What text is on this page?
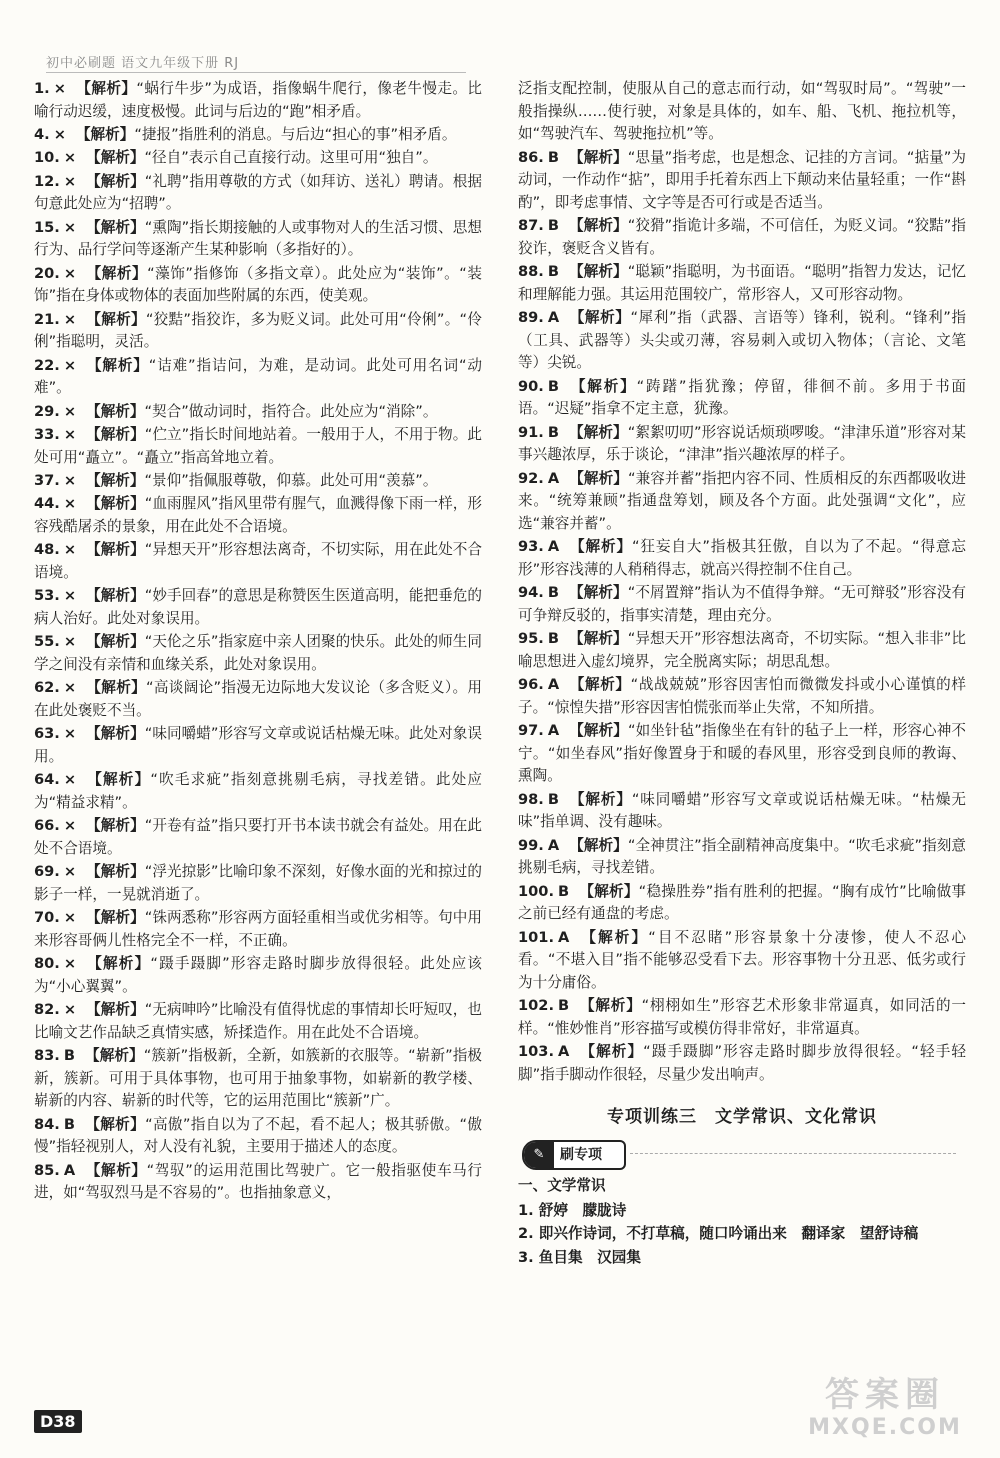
初中必刷题 语文九年级下册 RJ
1. × 【解析】“蜗行牛步”为成语，指像蜗牛爬行，像老牛慢走。比喻行动迟缓，速度极慢。此词与后边的“跑”相矛盾。
4. × 【解析】“捷报”指胜利的消息。与后边“担心的事”相矛盾。
10. × 【解析】“径自”表示自己直接行动。这里可用“独自”。
12. × 【解析】“礼聘”指用尊敬的方式（如拜访、送礼）聘请。根据句意此处应为“招聘”。
15. × 【解析】“熏陶”指长期接触的人或事物对人的生活习惯、思想行为、品行学问等逐渐产生某种影响（多指好的）。
20. × 【解析】“藻饰”指修饰（多指文章）。此处应为“装饰”。“装饰”指在身体或物体的表面加些附属的东西，使美观。
21. × 【解析】“狡黠”指狡诈，多为贬义词。此处可用“伶俐”。“伶俐”指聪明，灵活。
22. × 【解析】“诘难”指诘问，为难，是动词。此处可用名词“动难”。
29. × 【解析】“契合”做动词时，指符合。此处应为“消除”。
33. × 【解析】“伫立”指长时间地站着。一般用于人，不用于物。此处可用“矗立”。“矗立”指高耸地立着。
37. × 【解析】“景仰”指佩服尊敬，仰慕。此处可用“羡慕”。
44. × 【解析】“血雨腥风”指风里带有腥气，血溅得像下雨一样，形容残酷屠杀的景象，用在此处不合语境。
48. × 【解析】“异想天开”形容想法离奇，不切实际，用在此处不合语境。
53. × 【解析】“妙手回春”的意思是称赞医生医道高明，能把垂危的病人治好。此处对象误用。
55. × 【解析】“天伦之乐”指家庭中亲人团聚的快乐。此处的师生同学之间没有亲情和血缘关系，此处对象误用。
62. × 【解析】“高谈阔论”指漫无边际地大发议论（多含贬义）。用在此处褒贬不当。
63. × 【解析】“味同嚼蜡”形容写文章或说话枯燥无味。此处对象误用。
64. × 【解析】“吹毛求疵”指刻意挑剔毛病，寻找差错。此处应为“精益求精”。
66. × 【解析】“开卷有益”指只要打开书本读书就会有益处。用在此处不合语境。
69. × 【解析】“浮光掠影”比喻印象不深刻，好像水面的光和掠过的影子一样，一晃就消逝了。
70. × 【解析】“铢两悉称”形容两方面轻重相当或优劣相等。句中用来形容哥俩儿性格完全不一样，不正确。
80. × 【解析】“蹑手蹑脚”形容走路时脚步放得很轻。此处应该为“小心翼翼”。
82. × 【解析】“无病呻吟”比喻没有值得忧虑的事情却长吁短叹，也比喻文艺作品缺乏真情实感，矫揉造作。用在此处不合语境。
83. B 【解析】“簇新”指极新，全新，如簇新的衣服等。“崭新”指极新，簇新。可用于具体事物，也可用于抽象事物，如崭新的教学楼、崭新的内容、崭新的时代等，它的运用范围比“簇新”广。
84. B 【解析】“高傲”指自以为了不起，看不起人；极其骄傲。“傲慢”指轻视别人，对人没有礼貌，主要用于描述人的态度。
85. A 【解析】“驾驭”的运用范围比驾驶广。它一般指驱使车马行进，如“驾驭烈马是不容易的”。也指抽象意义，
泛指支配控制，使服从自己的意志而行动，如“驾驭时局”。“驾驶”一般指操纵……使行驶，对象是具体的，如车、船、飞机、拖拉机等，如“驾驶汽车、驾驶拖拉机”等。
86. B 【解析】“思量”指考虑，也是想念、记挂的方言词。“掂量”为动词，一作动作“掂”，即用手托着东西上下颠动来估量轻重；一作“斟酌”，即考虑事情、文字等是否可行或是否适当。
87. B 【解析】“狡猾”指诡计多端，不可信任，为贬义词。“狡黠”指狡诈，褒贬含义皆有。
88. B 【解析】“聪颖”指聪明，为书面语。“聪明”指智力发达，记忆和理解能力强。其运用范围较广，常形容人，又可形容动物。
89. A 【解析】“犀利”指（武器、言语等）锋利，锐利。“锋利”指（工具、武器等）头尖或刃薄，容易刺入或切入物体；（言论、文笔等）尖锐。
90. B 【解析】“踌躇”指犹豫；停留，徘徊不前。多用于书面语。“迟疑”指拿不定主意，犹豫。
91. B 【解析】“絮絮叨叨”形容说话烦琐啰唆。“津津乐道”形容对某事兴趣浓厚，乐于谈论，“津津”指兴趣浓厚的样子。
92. A 【解析】“兼容并蓄”指把内容不同、性质相反的东西都吸收进来。“统筹兼顾”指通盘筹划，顾及各个方面。此处强调“文化”，应选“兼容并蓄”。
93. A 【解析】“狂妄自大”指极其狂傲，自以为了不起。“得意忘形”形容浅薄的人稍稍得志，就高兴得控制不住自己。
94. B 【解析】“不屑置辩”指认为不值得争辩。“无可辩驳”形容没有可争辩反驳的，指事实清楚，理由充分。
95. B 【解析】“异想天开”形容想法离奇，不切实际。“想入非非”比喻思想进入虚幻境界，完全脱离实际；胡思乱想。
96. A 【解析】“战战兢兢”形容因害怕而微微发抖或小心谨慎的样子。“惊惶失措”形容因害怕慌张而举止失常，不知所措。
97. A 【解析】“如坐针毡”指像坐在有针的毡子上一样，形容心神不宁。“如坐春风”指好像置身于和暖的春风里，形容受到良师的教诲、熏陶。
98. B 【解析】“味同嚼蜡”形容写文章或说话枯燥无味。“枯燥无味”指单调、没有趣味。
99. A 【解析】“全神贯注”指全副精神高度集中。“吹毛求疵”指刻意挑剔毛病，寻找差错。
100. B 【解析】“稳操胜券”指有胜利的把握。“胸有成竹”比喻做事之前已经有通盘的考虑。
101. A 【解析】“目不忍睹”形容景象十分凄惨，使人不忍心看。“不堪入目”指不能够忍受看下去。形容事物十分丑恶、低劣或行为十分庸俗。
102. B 【解析】“栩栩如生”形容艺术形象非常逼真，如同活的一样。“惟妙惟肖”形容描写或模仿得非常好，非常逼真。
103. A 【解析】“蹑手蹑脚”形容走路时脚步放得很轻。“轻手轻脚”指手脚动作很轻，尽量少发出响声。
专项训练三　文学常识、文化常识
✎	刷专项
一、文学常识
1. 舒婷　朦胧诗
2. 即兴作诗词，不打草稿，随口吟诵出来　翻译家　望舒诗稿
3. 鱼目集　汉园集
D38
答案圈
MXQE.COM
